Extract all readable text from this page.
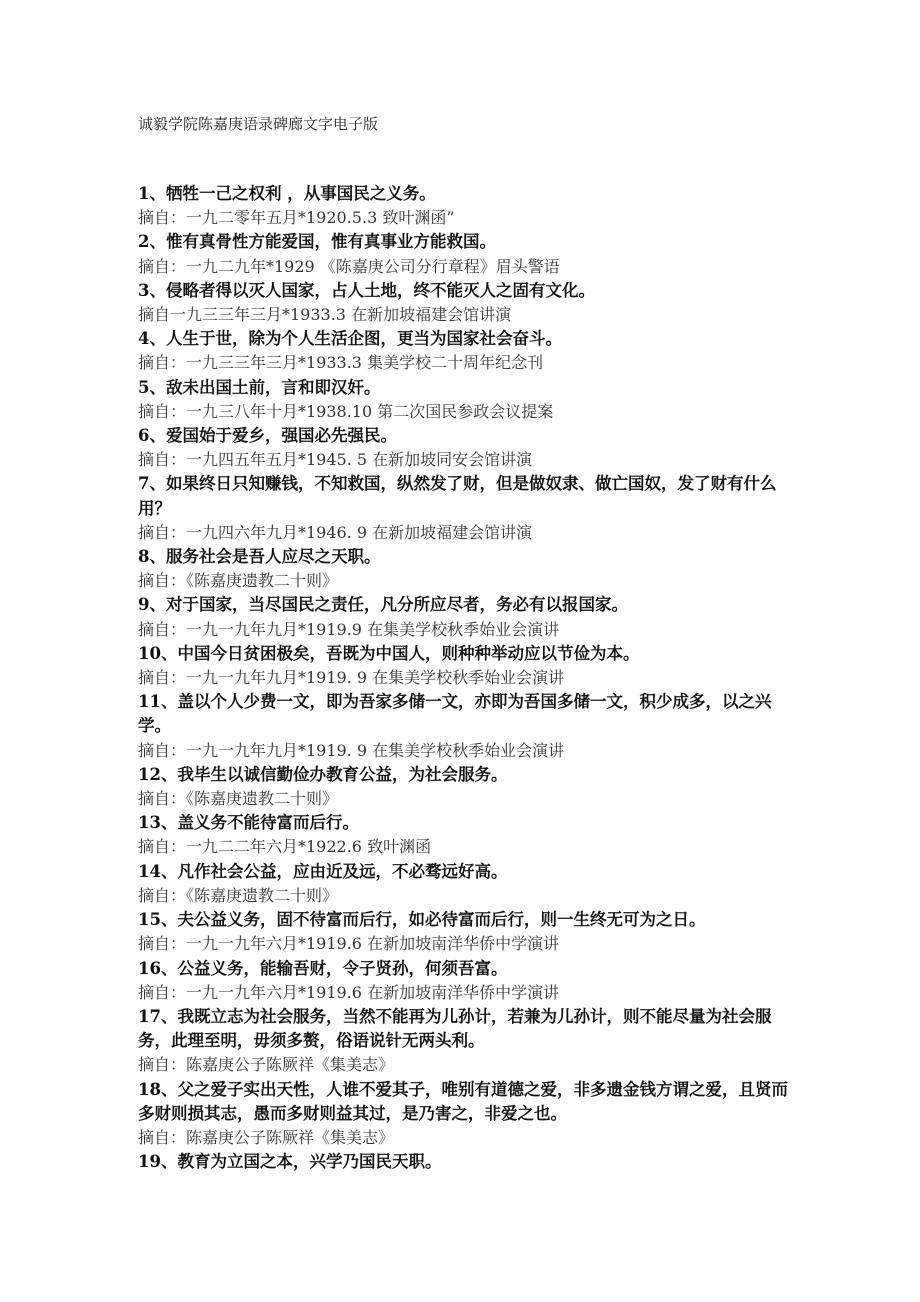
诚毅学院陈嘉庚语录碑廊文字电子版

1、牺牲一己之权利 ，从事国民之义务。

摘自：一九二零年五月*1920.5.3 致叶渊函”

2、惟有真骨性方能爱国，惟有真事业方能救国。

摘自：一九二九年*1929 《陈嘉庚公司分行章程》眉头警语

3、侵略者得以灭人国家，占人土地，终不能灭人之固有文化。

摘自一九三三年三月*1933.3 在新加坡福建会馆讲演

4、人生于世，除为个人生活企图，更当为国家社会奋斗。

摘自：一九三三年三月*1933.3 集美学校二十周年纪念刊

5、敌未出国土前，言和即汉奸。

摘自：一九三八年十月*1938.10 第二次国民参政会议提案

6、爱国始于爱乡，强国必先强民。

摘自：一九四五年五月*1945. 5 在新加坡同安会馆讲演

7、如果终日只知赚钱，不知救国，纵然发了财，但是做奴隶、做亡国奴，发了财有什么用？

摘自：一九四六年九月*1946. 9 在新加坡福建会馆讲演

8、服务社会是吾人应尽之天职。

摘自：《陈嘉庚遗教二十则》

9、对于国家，当尽国民之责任，凡分所应尽者，务必有以报国家。

摘自：一九一九年九月*1919.9 在集美学校秋季始业会演讲

10、中国今日贫困极矣，吾既为中国人，则种种举动应以节俭为本。

摘自：一九一九年九月*1919. 9 在集美学校秋季始业会演讲

11、盖以个人少费一文，即为吾家多储一文，亦即为吾国多储一文，积少成多，以之兴学。

摘自：一九一九年九月*1919. 9 在集美学校秋季始业会演讲

12、我毕生以诚信勤俭办教育公益，为社会服务。

摘自：《陈嘉庚遗教二十则》

13、盖义务不能待富而后行。

摘自：一九二二年六月*1922.6 致叶渊函

14、凡作社会公益，应由近及远，不必骛远好高。

摘自：《陈嘉庚遗教二十则》

15、夫公益义务，固不待富而后行，如必待富而后行，则一生终无可为之日。

摘自：一九一九年六月*1919.6 在新加坡南洋华侨中学演讲

16、公益义务，能输吾财，令子贤孙，何须吾富。

摘自：一九一九年六月*1919.6 在新加坡南洋华侨中学演讲

17、我既立志为社会服务，当然不能再为儿孙计，若兼为儿孙计，则不能尽量为社会服务，此理至明，毋须多赘，俗语说针无两头利。

摘自：陈嘉庚公子陈厥祥《集美志》

18、父之爱子实出天性，人谁不爱其子，唯别有道德之爱，非多遗金钱方谓之爱，且贤而多财则损其志，愚而多财则益其过，是乃害之，非爱之也。

摘自：陈嘉庚公子陈厥祥《集美志》

19、教育为立国之本，兴学乃国民天职。
